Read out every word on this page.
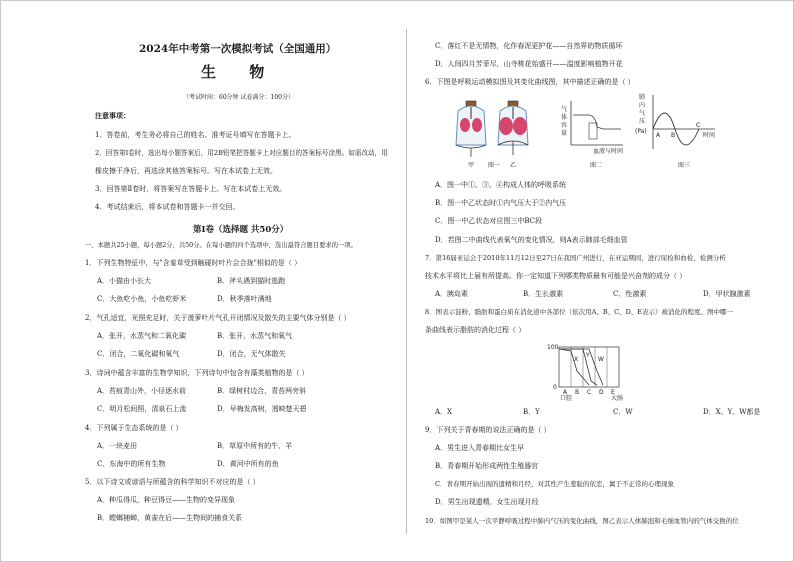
2024年中考第一次模拟考试（全国通用）
生 物
（考试时间：60分钟 试卷满分：100分）
注意事项：
1．答卷前，考生务必将自己的姓名、准考证号填写在答题卡上。
2．回答第Ⅰ卷时，选出每小题答案后，用2B铅笔把答题卡上对应题目的答案标号涂黑。如需改动，用
橡皮擦干净后，再选涂其他答案标号。写在本试卷上无效。
3．回答第Ⅱ卷时，将答案写在答题卡上。写在本试卷上无效。
4．考试结束后，将本试卷和答题卡一并交回。
第Ⅰ卷（选择题 共50分）
一、本题共25小题，每小题2分，共50分。在每小题的四个选项中，选出最符合题目要求的一项。
1．下列生物特征中，与"含羞草受到触碰时叶片会合拢"相似的是（ ）
A．小猫由小长大	B．斧头遇到猫时逃跑
C．大鱼吃小鱼，小鱼吃虾米	D．秋季落叶满地
2．气孔适宜，光照充足时，关于菠萝叶片气孔开闭情况及散失的主要气体分别是（ ）
A．张开，水蒸气和二氧化碳	B．张开，水蒸气和氧气
C．闭合，二氧化碳和氧气	D．闭合，无气体散失
3．诗词中蕴含丰富的生物学知识，下列诗句中包含有藻类植物的是（ ）
A．苔痕青山外，小径逐水前	B．绿树村边合，青苔两旁斜
C．明月松间照，清泉石上流	D．早梅发高树，迥映楚天碧
4．下列属于生态系统的是（ ）
A．一块麦田	B．草原中所有的牛、羊
C．东海中的所有生物	D．黄河中所有的鱼
5．以下诗文或谚语与所蕴含的科学知识不对应的是（ ）
A．种瓜得瓜，种豆得豆——生物的变异现象
B．螳螂捕蝉，黄雀在后——生物间的捕食关系
C．落红不是无情物，化作春泥更护花——自然界的物质循环
D．人间四月芳菲尽，山寺桃花始盛开——温度影响植物开花
6．下图是呼吸运动模拟图及其变化曲线图，其中描述正确的是（ ）
甲	乙
图一
气
体
容
量
血液与时间
图二
肺
内
气
压
(Pa)
A B
C
时间
图三
A．图一中①、③、④构成人体的呼吸系统
B．图一中乙状态时①内气压大于②内气压
C．图一中乙状态对应图三中BC段
D．若图二中曲线代表氧气的变化情况，则A表示肺部毛细血管
7．第16届亚运会于2010年11月12日至27日在我国广州进行，在亚运期间，进行尿检和血检，检测分析
技术水平将比上届有所提高。你一定知道下列哪类物质最有可能是兴奋剂的成分（ ）
A．胰岛素	B．生长激素	C．性激素	D．甲状腺激素
8．图表示淀粉、脂肪和蛋白质在消化道中各部位（依次用A、B、C、D、E表示）被消化的程度。图中哪一
条曲线表示脂肪的消化过程（ ）
100
0
X
Y
W
A B C D E
口腔	大肠
A．X	B．Y	C．W	D．X、Y、W都是
9．下列关于青春期的说法正确的是（ ）
A．男生进入青春期比女生早
B．青春期开始形成两性生殖器官
C．青春期开始出现的遗精和月经，对其性产生羞耻的依恋，属于不正常的心理现象
D．男生出现遗精，女生出现月经
10．如图甲是某人一次平静呼吸过程中肺内气压的变化曲线，图乙表示人体肺泡和毛细血管内的气体交换的位
